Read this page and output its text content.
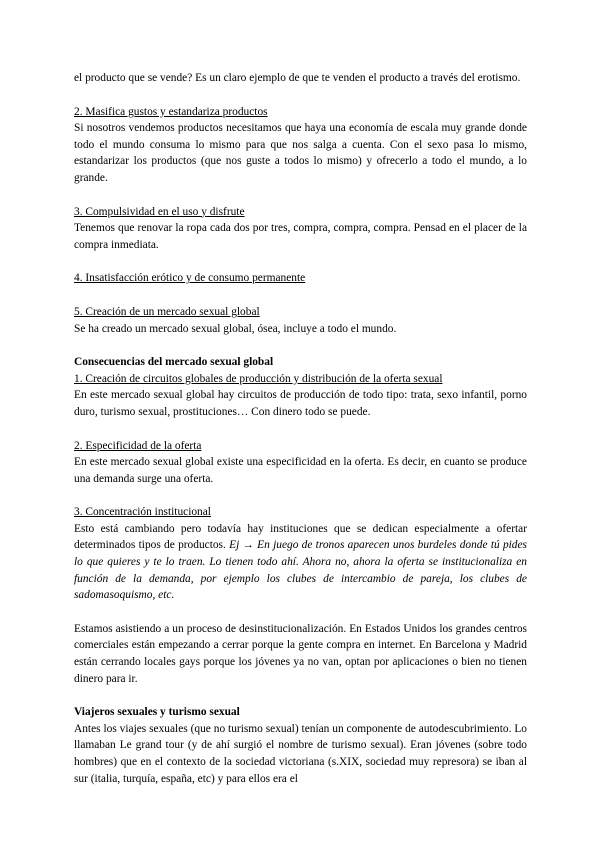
el producto que se vende? Es un claro ejemplo de que te venden el producto a través del erotismo.

2. Masifica gustos y estandariza productos

Si nosotros vendemos productos necesitamos que haya una economía de escala muy grande donde todo el mundo consuma lo mismo para que nos salga a cuenta. Con el sexo pasa lo mismo, estandarizar los productos (que nos guste a todos lo mismo) y ofrecerlo a todo el mundo, a lo grande.

3. Compulsividad en el uso y disfrute

Tenemos que renovar la ropa cada dos por tres, compra, compra, compra. Pensad en el placer de la compra inmediata.

4. Insatisfacción erótico y de consumo permanente

5. Creación de un mercado sexual global

Se ha creado un mercado sexual global, ósea, incluye a todo el mundo.

Consecuencias del mercado sexual global

1. Creación de circuitos globales de producción y distribución de la oferta sexual

En este mercado sexual global hay circuitos de producción de todo tipo: trata, sexo infantil, porno duro, turismo sexual, prostituciones… Con dinero todo se puede.

2. Especificidad de la oferta

En este mercado sexual global existe una especificidad en la oferta. Es decir, en cuanto se produce una demanda surge una oferta.

3. Concentración institucional

Esto está cambiando pero todavía hay instituciones que se dedican especialmente a ofertar determinados tipos de productos. Ej → En juego de tronos aparecen unos burdeles donde tú pides lo que quieres y te lo traen. Lo tienen todo ahí. Ahora no, ahora la oferta se institucionaliza en función de la demanda, por ejemplo los clubes de intercambio de pareja, los clubes de sadomasoquismo, etc.

Estamos asistiendo a un proceso de desinstitucionalización. En Estados Unidos los grandes centros comerciales están empezando a cerrar porque la gente compra en internet. En Barcelona y Madrid están cerrando locales gays porque los jóvenes ya no van, optan por aplicaciones o bien no tienen dinero para ir.

Viajeros sexuales y turismo sexual

Antes los viajes sexuales (que no turismo sexual) tenían un componente de autodescubrimiento. Lo llamaban Le grand tour (y de ahí surgió el nombre de turismo sexual). Eran jóvenes (sobre todo hombres) que en el contexto de la sociedad victoriana (s.XIX, sociedad muy represora) se iban al sur (italia, turquía, españa, etc) y para ellos era el
